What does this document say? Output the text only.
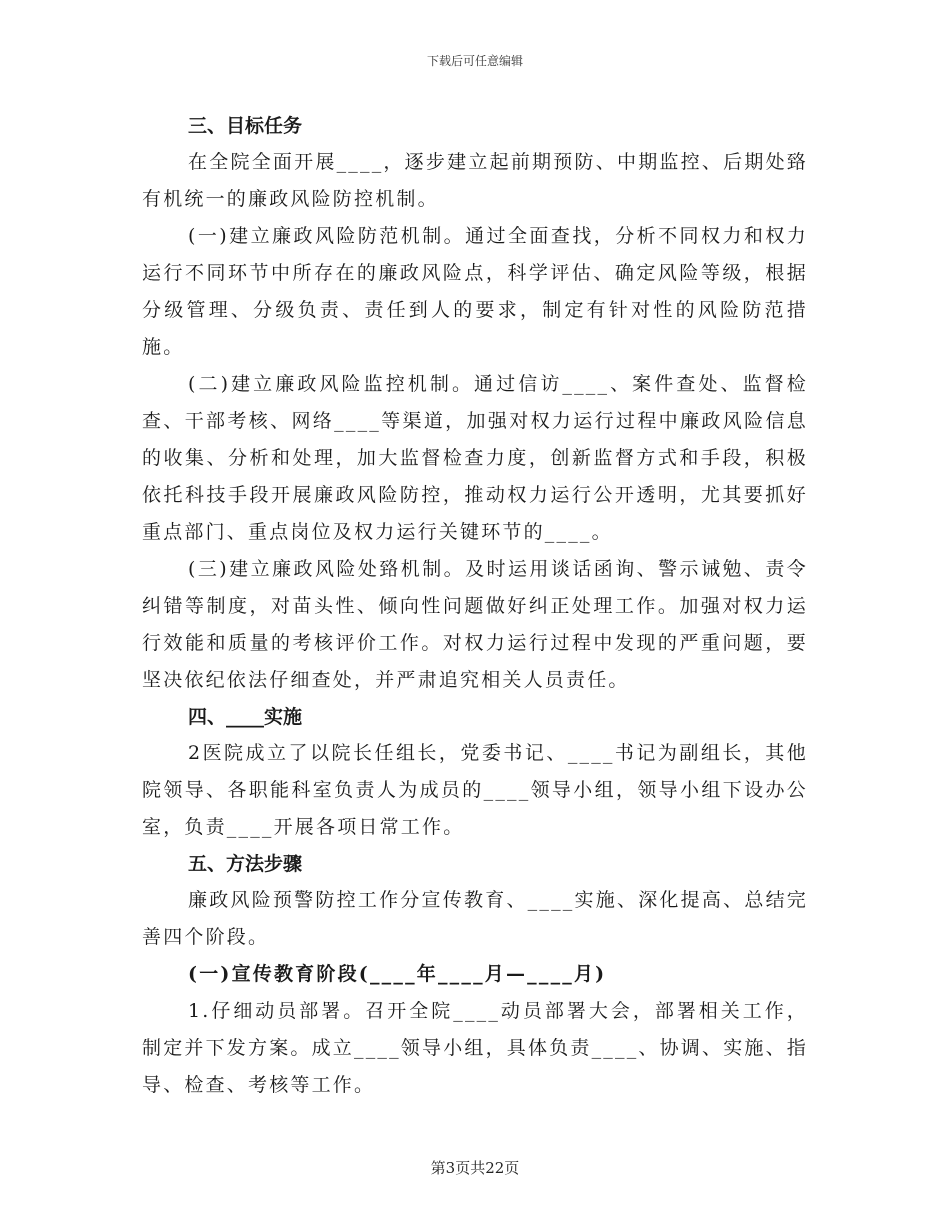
下载后可任意编辑
三、目标任务

在全院全面开展____，逐步建立起前期预防、中期监控、后期处臵有机统一的廉政风险防控机制。

(一)建立廉政风险防范机制。通过全面查找，分析不同权力和权力运行不同环节中所存在的廉政风险点，科学评估、确定风险等级，根据分级管理、分级负责、责任到人的要求，制定有针对性的风险防范措施。

(二)建立廉政风险监控机制。通过信访____、案件查处、监督检查、干部考核、网络____等渠道，加强对权力运行过程中廉政风险信息的收集、分析和处理，加大监督检查力度，创新监督方式和手段，积极依托科技手段开展廉政风险防控，推动权力运行公开透明，尤其要抓好重点部门、重点岗位及权力运行关键环节的____。

(三)建立廉政风险处臵机制。及时运用谈话函询、警示诫勉、责令纠错等制度，对苗头性、倾向性问题做好纠正处理工作。加强对权力运行效能和质量的考核评价工作。对权力运行过程中发现的严重问题，要坚决依纪依法仔细查处，并严肃追究相关人员责任。

四、____实施

2医院成立了以院长任组长，党委书记、____书记为副组长，其他院领导、各职能科室负责人为成员的____领导小组，领导小组下设办公室，负责____开展各项日常工作。

五、方法步骤

廉政风险预警防控工作分宣传教育、____实施、深化提高、总结完善四个阶段。

(一)宣传教育阶段(____年____月—____月)

1.仔细动员部署。召开全院____动员部署大会，部署相关工作，制定并下发方案。成立____领导小组，具体负责____、协调、实施、指导、检查、考核等工作。

第3页共22页
